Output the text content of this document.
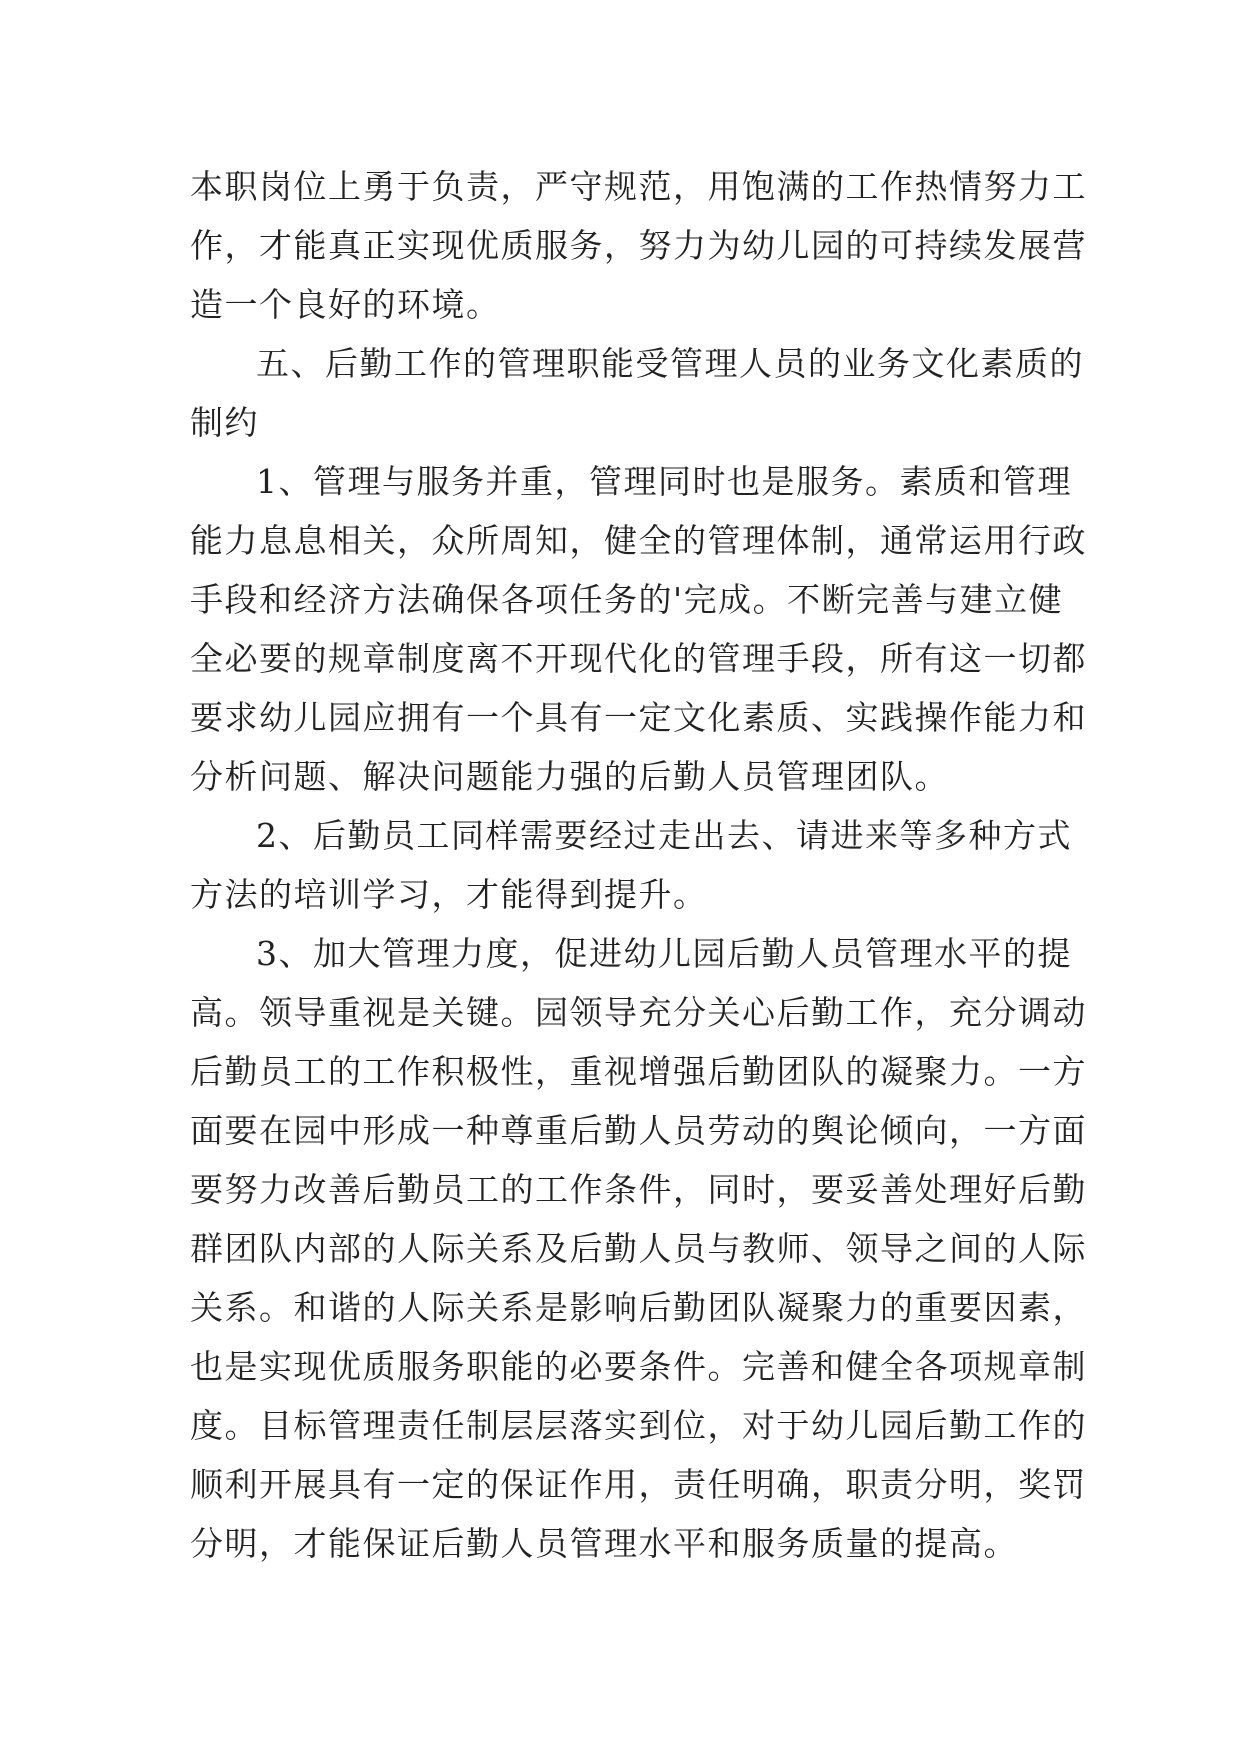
本职岗位上勇于负责，严守规范，用饱满的工作热情努力工

作，才能真正实现优质服务，努力为幼儿园的可持续发展营

造一个良好的环境。

五、后勤工作的管理职能受管理人员的业务文化素质的

制约

1、管理与服务并重，管理同时也是服务。素质和管理

能力息息相关，众所周知，健全的管理体制，通常运用行政

手段和经济方法确保各项任务的'完成。不断完善与建立健

全必要的规章制度离不开现代化的管理手段，所有这一切都

要求幼儿园应拥有一个具有一定文化素质、实践操作能力和

分析问题、解决问题能力强的后勤人员管理团队。

2、后勤员工同样需要经过走出去、请进来等多种方式

方法的培训学习，才能得到提升。

3、加大管理力度，促进幼儿园后勤人员管理水平的提

高。领导重视是关键。园领导充分关心后勤工作，充分调动

后勤员工的工作积极性，重视增强后勤团队的凝聚力。一方

面要在园中形成一种尊重后勤人员劳动的舆论倾向，一方面

要努力改善后勤员工的工作条件，同时，要妥善处理好后勤

群团队内部的人际关系及后勤人员与教师、领导之间的人际

关系。和谐的人际关系是影响后勤团队凝聚力的重要因素，

也是实现优质服务职能的必要条件。完善和健全各项规章制

度。目标管理责任制层层落实到位，对于幼儿园后勤工作的

顺利开展具有一定的保证作用，责任明确，职责分明，奖罚

分明，才能保证后勤人员管理水平和服务质量的提高。
